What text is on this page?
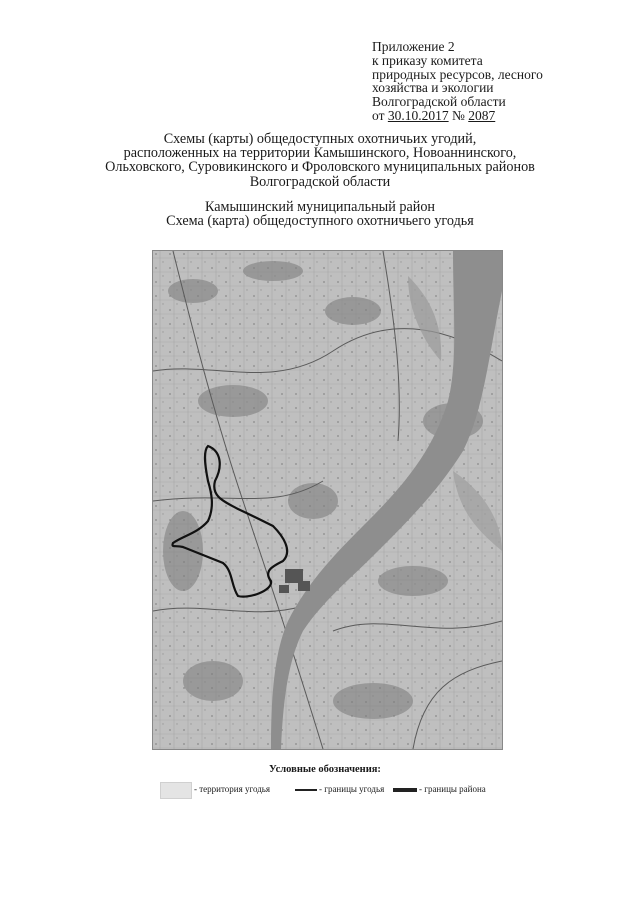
Приложение 2
к приказу комитета
природных ресурсов, лесного
хозяйства и экологии
Волгоградской области
от 30.10.2017 № 2087
Схемы (карты) общедоступных охотничьих угодий,
расположенных на территории Камышинского, Новоаннинского,
Ольховского, Суровикинского и Фроловского муниципальных районов
Волгоградской области
Камышинский муниципальный район
Схема (карта) общедоступного охотничьего угодья
Условные обозначения:
- территория угодья	- границы угодья	- границы района
